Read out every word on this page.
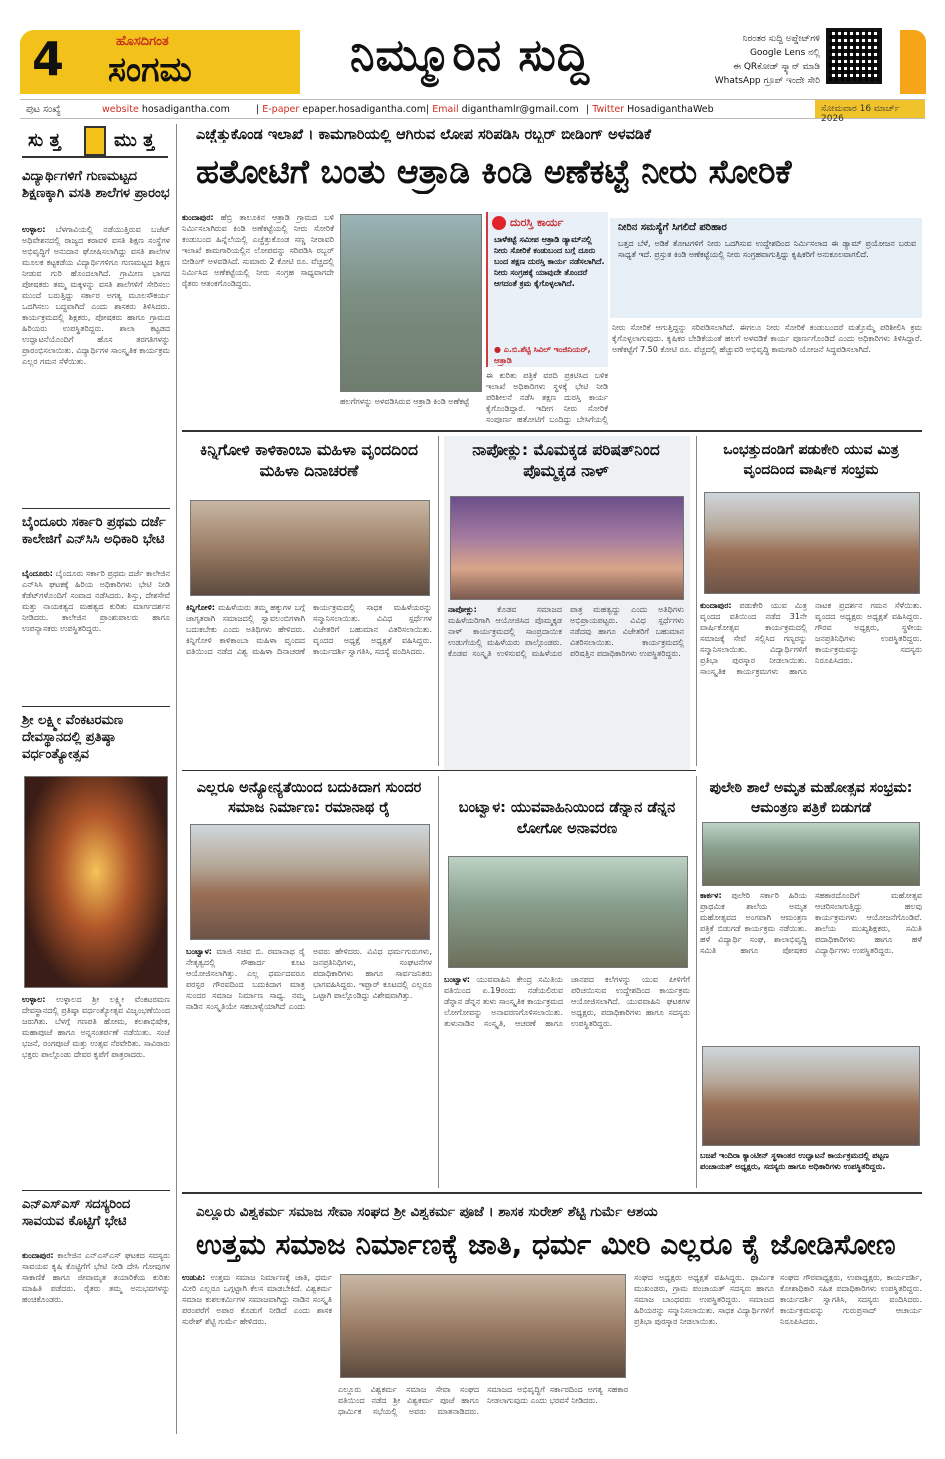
4	ಹೊಸದಿಗಂತ
ಸಂಗಮ	ನಿಮ್ಮೂರಿನ ಸುದ್ದಿ	ನಿರಂತರ ಸುದ್ದಿ ಅಪ್ಡೇಟ್‌ಗಳಿ
Google Lens ನಲ್ಲಿ
ಈ QRಕೋಡ್ ಸ್ಕ್ಯಾನ್ ಮಾಡಿ
WhatsApp ಗ್ರೂಪ್ ಇಂದೇ ಸೇರಿ
ಪುಟ ಸಂಖ್ಯೆ	website hosadigantha.com	| E-paper epaper.hosadigantha.com | Email diganthamlr@gmail.com | Twitter HosadiganthaWeb	ಸೋಮವಾರ 16 ಮಾರ್ಚ್ 2026
ಸು ತ್ತ	ಮು ತ್ತ
ವಿದ್ಯಾರ್ಥಿಗಳಿಗೆ ಗುಣಮಟ್ಟದ ಶಿಕ್ಷಣಕ್ಕಾಗಿ ವಸತಿ ಶಾಲೆಗಳ ಪ್ರಾರಂಭ
ಉಳ್ಳಾಲ: ಬೆಳಗಾವಿಯಲ್ಲಿ ನಡೆಯುತ್ತಿರುವ ಬಜೆಟ್ ಅಧಿವೇಶನದಲ್ಲಿ ರಾಜ್ಯದ ಕರಾವಳಿ ವಸತಿ ಶಿಕ್ಷಣ ಸಂಸ್ಥೆಗಳ ಅಭಿವೃದ್ಧಿಗೆ ಅನುದಾನ ಘೋಷಿಸಲಾಗಿದ್ದು ವಸತಿ ಶಾಲೆಗಳ ಮೂಲಕ ಕಟ್ಟಕಡೆಯ ವಿದ್ಯಾರ್ಥಿಗಳಿಗೂ ಗುಣಮಟ್ಟದ ಶಿಕ್ಷಣ ನೀಡುವ ಗುರಿ ಹೊಂದಲಾಗಿದೆ. ಗ್ರಾಮೀಣ ಭಾಗದ ಪೋಷಕರು ತಮ್ಮ ಮಕ್ಕಳನ್ನು ವಸತಿ ಶಾಲೆಗಳಿಗೆ ಸೇರಿಸಲು ಮುಂದೆ ಬರುತ್ತಿದ್ದು ಸರ್ಕಾರ ಅಗತ್ಯ ಮೂಲಸೌಕರ್ಯ ಒದಗಿಸಲು ಬದ್ಧವಾಗಿದೆ ಎಂದು ಶಾಸಕರು ತಿಳಿಸಿದರು. ಕಾರ್ಯಕ್ರಮದಲ್ಲಿ ಶಿಕ್ಷಕರು, ಪೋಷಕರು ಹಾಗೂ ಗ್ರಾಮದ ಹಿರಿಯರು ಉಪಸ್ಥಿತರಿದ್ದರು. ಶಾಲಾ ಕಟ್ಟಡದ ಉದ್ಘಾಟನೆಯೊಂದಿಗೆ ಹೊಸ ತರಗತಿಗಳನ್ನು ಪ್ರಾರಂಭಿಸಲಾಯಿತು. ವಿದ್ಯಾರ್ಥಿಗಳ ಸಾಂಸ್ಕೃತಿಕ ಕಾರ್ಯಕ್ರಮ ಎಲ್ಲರ ಗಮನ ಸೆಳೆಯಿತು.
ಬೈಂದೂರು ಸರ್ಕಾರಿ ಪ್ರಥಮ ದರ್ಜೆ ಕಾಲೇಜಿಗೆ ಎನ್‌ಸಿಸಿ ಅಧಿಕಾರಿ ಭೇಟಿ
ಬೈಂದೂರು: ಬೈಂದೂರು ಸರ್ಕಾರಿ ಪ್ರಥಮ ದರ್ಜೆ ಕಾಲೇಜಿನ ಎನ್‌ಸಿಸಿ ಘಟಕಕ್ಕೆ ಹಿರಿಯ ಅಧಿಕಾರಿಗಳು ಭೇಟಿ ನೀಡಿ ಕೆಡೆಟ್‌ಗಳೊಂದಿಗೆ ಸಂವಾದ ನಡೆಸಿದರು. ಶಿಸ್ತು, ದೇಶಸೇವೆ ಮತ್ತು ನಾಯಕತ್ವದ ಮಹತ್ವದ ಕುರಿತು ಮಾರ್ಗದರ್ಶನ ನೀಡಿದರು. ಕಾಲೇಜಿನ ಪ್ರಾಂಶುಪಾಲರು ಹಾಗೂ ಉಪನ್ಯಾಸಕರು ಉಪಸ್ಥಿತರಿದ್ದರು.
ಶ್ರೀ ಲಕ್ಷ್ಮೀ ವೆಂಕಟರಮಣ ದೇವಸ್ಥಾನದಲ್ಲಿ ಪ್ರತಿಷ್ಠಾ ವರ್ಧಂತ್ಯೋತ್ಸವ
ಉಳ್ಳಾಲ: ಉಳ್ಳಾಲದ ಶ್ರೀ ಲಕ್ಷ್ಮೀ ವೆಂಕಟರಮಣ ದೇವಸ್ಥಾನದಲ್ಲಿ ಪ್ರತಿಷ್ಠಾ ವರ್ಧಂತ್ಯೋತ್ಸವ ವಿಜೃಂಭಣೆಯಿಂದ ಜರುಗಿತು. ಬೆಳಗ್ಗೆ ಗಣಪತಿ ಹೋಮ, ಕಲಶಾಭಿಷೇಕ, ಮಹಾಪೂಜೆ ಹಾಗೂ ಅನ್ನಸಂತರ್ಪಣೆ ನಡೆಯಿತು. ಸಂಜೆ ಭಜನೆ, ರಂಗಪೂಜೆ ಮತ್ತು ಉತ್ಸವ ನೆರವೇರಿತು. ಸಾವಿರಾರು ಭಕ್ತರು ಪಾಲ್ಗೊಂಡು ದೇವರ ಕೃಪೆಗೆ ಪಾತ್ರರಾದರು.
ಎನ್ಎಸ್ಎಸ್ ಸದಸ್ಯರಿಂದ ಸಾವಯವ ಕೊಟ್ಟಿಗೆ ಭೇಟಿ
ಕುಂದಾಪುರ: ಕಾಲೇಜಿನ ಎನ್ಎಸ್ಎಸ್ ಘಟಕದ ಸದಸ್ಯರು ಸಾವಯವ ಕೃಷಿ ಕೊಟ್ಟಿಗೆಗೆ ಭೇಟಿ ನೀಡಿ ದೇಸಿ ಗೋವುಗಳ ಸಾಕಾಣಿಕೆ ಹಾಗೂ ಜೀವಾಮೃತ ತಯಾರಿಕೆಯ ಕುರಿತು ಮಾಹಿತಿ ಪಡೆದರು. ರೈತರು ತಮ್ಮ ಅನುಭವಗಳನ್ನು ಹಂಚಿಕೊಂಡರು.
ಎಚ್ಚೆತ್ತುಕೊಂಡ ಇಲಾಖೆ । ಕಾಮಗಾರಿಯಲ್ಲಿ ಆಗಿರುವ ಲೋಪ ಸರಿಪಡಿಸಿ ರಬ್ಬರ್ ಬೀಡಿಂಗ್ ಅಳವಡಿಕೆ
ಹತೋಟಿಗೆ ಬಂತು ಆತ್ರಾಡಿ ಕಿಂಡಿ ಅಣೆಕಟ್ಟೆ ನೀರು ಸೋರಿಕೆ
ಕುಂದಾಪುರ: ಹೆಬ್ರಿ ತಾಲೂಕಿನ ಆತ್ರಾಡಿ ಗ್ರಾಮದ ಬಳಿ ನಿರ್ಮಿಸಲಾಗಿರುವ ಕಿಂಡಿ ಅಣೆಕಟ್ಟೆಯಲ್ಲಿ ನೀರು ಸೋರಿಕೆ ಕಂಡುಬಂದ ಹಿನ್ನೆಲೆಯಲ್ಲಿ ಎಚ್ಚೆತ್ತುಕೊಂಡ ಸಣ್ಣ ನೀರಾವರಿ ಇಲಾಖೆ ಕಾಮಗಾರಿಯಲ್ಲಿನ ಲೋಪವನ್ನು ಸರಿಪಡಿಸಿ ರಬ್ಬರ್ ಬೀಡಿಂಗ್ ಅಳವಡಿಸಿದೆ. ಸುಮಾರು 2 ಕೋಟಿ ರೂ. ವೆಚ್ಚದಲ್ಲಿ ನಿರ್ಮಿಸಿದ ಅಣೆಕಟ್ಟೆಯಲ್ಲಿ ನೀರು ಸಂಗ್ರಹ ಸಾಧ್ಯವಾಗದೇ ರೈತರು ಆತಂಕಗೊಂಡಿದ್ದರು.
ಹಲಗೆಗಳನ್ನು ಅಳವಡಿಸಿರುವ ಆತ್ರಾಡಿ ಕಿಂಡಿ ಅಣೆಕಟ್ಟೆ
ದುರಸ್ತಿ ಕಾರ್ಯ
ಬಾಳೆಕಟ್ಟೆ ಸಮೀಪ ಆತ್ರಾಡಿ ಡ್ಯಾಮ್‌ನಲ್ಲಿ ನೀರು ಸೋರಿಕೆ ಕಂಡುಬಂದ ಬಗ್ಗೆ ದೂರು ಬಂದ ತಕ್ಷಣ ದುರಸ್ತಿ ಕಾರ್ಯ ನಡೆಸಲಾಗಿದೆ. ನೀರು ಸಂಗ್ರಹಕ್ಕೆ ಯಾವುದೇ ತೊಂದರೆ ಆಗದಂತೆ ಕ್ರಮ ಕೈಗೊಳ್ಳಲಾಗಿದೆ.
● ಎ.ಬಿ.ಶೆಟ್ಟಿ ಸಿವಿಲ್ ಇಂಜಿನಿಯರ್, ಆತ್ರಾಡಿ
ಈ ಕುರಿತು ಪತ್ರಿಕೆ ವರದಿ ಪ್ರಕಟಿಸಿದ ಬಳಿಕ ಇಲಾಖೆ ಅಧಿಕಾರಿಗಳು ಸ್ಥಳಕ್ಕೆ ಭೇಟಿ ನೀಡಿ ಪರಿಶೀಲನೆ ನಡೆಸಿ ತಕ್ಷಣ ದುರಸ್ತಿ ಕಾರ್ಯ ಕೈಗೊಂಡಿದ್ದಾರೆ. ಇದೀಗ ನೀರು ಸೋರಿಕೆ ಸಂಪೂರ್ಣ ಹತೋಟಿಗೆ ಬಂದಿದ್ದು ಬೇಸಿಗೆಯಲ್ಲಿ
ನೀರಿನ ಸಮಸ್ಯೆಗೆ ಸಿಗಲಿದೆ ಪರಿಹಾರ
ಬತ್ತದ ಬೆಳೆ, ಅಡಿಕೆ ತೋಟಗಳಿಗೆ ನೀರು ಒದಗಿಸುವ ಉದ್ದೇಶದಿಂದ ನಿರ್ಮಿಸಲಾದ ಈ ಡ್ಯಾಮ್ ಪ್ರಯೋಜನ ಬರುವ ಸಾಧ್ಯತೆ ಇದೆ. ಪ್ರಸ್ತುತ ಕಿಂಡಿ ಅಣೆಕಟ್ಟೆಯಲ್ಲಿ ನೀರು ಸಂಗ್ರಹವಾಗುತ್ತಿದ್ದು ಕೃಷಿಕರಿಗೆ ಅನುಕೂಲವಾಗಲಿದೆ.
ನೀರು ಸೋರಿಕೆ ಆಗುತ್ತಿದ್ದನ್ನು ಸರಿಪಡಿಸಲಾಗಿದೆ. ಈಗಲೂ ನೀರು ಸೋರಿಕೆ ಕಂಡುಬಂದರೆ ಮತ್ತೊಮ್ಮೆ ಪರಿಶೀಲಿಸಿ ಕ್ರಮ ಕೈಗೊಳ್ಳಲಾಗುವುದು. ಕೃಷಿಕರ ಬೇಡಿಕೆಯಂತೆ ಹಲಗೆ ಅಳವಡಿಕೆ ಕಾರ್ಯ ಪೂರ್ಣಗೊಂಡಿದೆ ಎಂದು ಅಧಿಕಾರಿಗಳು ತಿಳಿಸಿದ್ದಾರೆ. ಅಣೆಕಟ್ಟೆಗೆ 7.50 ಕೋಟಿ ರೂ. ವೆಚ್ಚದಲ್ಲಿ ಹೆಚ್ಚುವರಿ ಅಭಿವೃದ್ಧಿ ಕಾಮಗಾರಿ ಯೋಜನೆ ಸಿದ್ಧಪಡಿಸಲಾಗಿದೆ.
ಕಿನ್ನಿಗೋಳಿ ಕಾಳಿಕಾಂಬಾ ಮಹಿಳಾ ವೃಂದದಿಂದ ಮಹಿಳಾ ದಿನಾಚರಣೆ
ಕಿನ್ನಿಗೋಳಿ: ಮಹಿಳೆಯರು ತಮ್ಮ ಹಕ್ಕುಗಳ ಬಗ್ಗೆ ಜಾಗೃತರಾಗಿ ಸಮಾಜದಲ್ಲಿ ಸ್ವಾವಲಂಬಿಗಳಾಗಿ ಬದುಕಬೇಕು ಎಂದು ಅತಿಥಿಗಳು ಹೇಳಿದರು. ಕಿನ್ನಿಗೋಳಿ ಕಾಳಿಕಾಂಬಾ ಮಹಿಳಾ ವೃಂದದ ವತಿಯಿಂದ ನಡೆದ ವಿಶ್ವ ಮಹಿಳಾ ದಿನಾಚರಣೆ ಕಾರ್ಯಕ್ರಮದಲ್ಲಿ ಸಾಧಕ ಮಹಿಳೆಯರನ್ನು ಸನ್ಮಾನಿಸಲಾಯಿತು. ವಿವಿಧ ಸ್ಪರ್ಧೆಗಳ ವಿಜೇತರಿಗೆ ಬಹುಮಾನ ವಿತರಿಸಲಾಯಿತು. ವೃಂದದ ಅಧ್ಯಕ್ಷೆ ಅಧ್ಯಕ್ಷತೆ ವಹಿಸಿದ್ದರು. ಕಾರ್ಯದರ್ಶಿ ಸ್ವಾಗತಿಸಿ, ಸದಸ್ಯೆ ವಂದಿಸಿದರು.
ನಾಪೋಕ್ಲು: ಮೊಮಕ್ಕಡ ಪರಿಷತ್‌ನಿಂದ ಪೊಮ್ಮಕ್ಕಡ ನಾಳ್
ನಾಪೋಕ್ಲು:	ಕೊಡವ ಸಮಾಜದ ಮಹಿಳೆಯರಿಗಾಗಿ ಆಯೋಜಿಸಿದ ಪೊಮ್ಮಕ್ಕಡ ನಾಳ್ ಕಾರ್ಯಕ್ರಮದಲ್ಲಿ ಸಾಂಪ್ರದಾಯಿಕ ಉಡುಗೆಯಲ್ಲಿ ಮಹಿಳೆಯರು ಪಾಲ್ಗೊಂಡರು. ಕೊಡವ ಸಂಸ್ಕೃತಿ ಉಳಿಸುವಲ್ಲಿ ಮಹಿಳೆಯರ ಪಾತ್ರ ಮಹತ್ವದ್ದು ಎಂದು ಅತಿಥಿಗಳು ಅಭಿಪ್ರಾಯಪಟ್ಟರು. ವಿವಿಧ ಸ್ಪರ್ಧೆಗಳು ನಡೆದವು ಹಾಗೂ ವಿಜೇತರಿಗೆ ಬಹುಮಾನ ವಿತರಿಸಲಾಯಿತು. ಕಾರ್ಯಕ್ರಮದಲ್ಲಿ ಪರಿಷತ್ತಿನ ಪದಾಧಿಕಾರಿಗಳು ಉಪಸ್ಥಿತರಿದ್ದರು.
ಒಂಭತ್ತುದಂಡಿಗೆ ಪಡುಕೇರಿ ಯುವ ಮಿತ್ರ ವೃಂದದಿಂದ ವಾರ್ಷಿಕ ಸಂಭ್ರಮ
ಕುಂದಾಪುರ: ಪಡುಕೇರಿ ಯುವ ಮಿತ್ರ ವೃಂದದ ವತಿಯಿಂದ ನಡೆದ 31ನೇ ವಾರ್ಷಿಕೋತ್ಸವ ಕಾರ್ಯಕ್ರಮದಲ್ಲಿ ಸಮಾಜಕ್ಕೆ ಸೇವೆ ಸಲ್ಲಿಸಿದ ಗಣ್ಯರನ್ನು ಸನ್ಮಾನಿಸಲಾಯಿತು. ವಿದ್ಯಾರ್ಥಿಗಳಿಗೆ ಪ್ರತಿಭಾ ಪುರಸ್ಕಾರ ನೀಡಲಾಯಿತು. ಸಾಂಸ್ಕೃತಿಕ ಕಾರ್ಯಕ್ರಮಗಳು ಹಾಗೂ ನಾಟಕ ಪ್ರದರ್ಶನ ಗಮನ ಸೆಳೆಯಿತು. ವೃಂದದ ಅಧ್ಯಕ್ಷರು ಅಧ್ಯಕ್ಷತೆ ವಹಿಸಿದ್ದರು. ಗೌರವ ಅಧ್ಯಕ್ಷರು, ಸ್ಥಳೀಯ ಜನಪ್ರತಿನಿಧಿಗಳು ಉಪಸ್ಥಿತರಿದ್ದರು. ಕಾರ್ಯಕ್ರಮವನ್ನು ಸದಸ್ಯರು ನಿರೂಪಿಸಿದರು.
ಎಲ್ಲರೂ ಅನ್ಯೋನ್ಯತೆಯಿಂದ ಬದುಕಿದಾಗ ಸುಂದರ ಸಮಾಜ ನಿರ್ಮಾಣ: ರಮಾನಾಥ ರೈ
ಬಂಟ್ವಾಳ: ಮಾಜಿ ಸಚಿವ ಬಿ. ರಮಾನಾಥ ರೈ ನೇತೃತ್ವದಲ್ಲಿ ಸೌಹಾರ್ದ ಕೂಟ ಆಯೋಜಿಸಲಾಗಿತ್ತು. ಎಲ್ಲ ಧರ್ಮದವರೂ ಪರಸ್ಪರ ಗೌರವದಿಂದ ಬದುಕಿದಾಗ ಮಾತ್ರ ಸುಂದರ ಸಮಾಜ ನಿರ್ಮಾಣ ಸಾಧ್ಯ. ನಮ್ಮ ನಾಡಿನ ಸಂಸ್ಕೃತಿಯೇ ಸಹಬಾಳ್ವೆಯಾಗಿದೆ ಎಂದು ಅವರು ಹೇಳಿದರು. ವಿವಿಧ ಧರ್ಮಗುರುಗಳು, ಜನಪ್ರತಿನಿಧಿಗಳು, ಸಂಘಟನೆಗಳ ಪದಾಧಿಕಾರಿಗಳು ಹಾಗೂ ಸಾರ್ವಜನಿಕರು ಭಾಗವಹಿಸಿದ್ದರು. ಇಫ್ತಾರ್ ಕೂಟದಲ್ಲಿ ಎಲ್ಲರೂ ಒಟ್ಟಾಗಿ ಪಾಲ್ಗೊಂಡಿದ್ದು ವಿಶೇಷವಾಗಿತ್ತು.
ಬಂಟ್ವಾಳ: ಯುವವಾಹಿನಿಯಿಂದ ಡೆನ್ನಾನ ಡೆನ್ನನ ಲೋಗೋ ಅನಾವರಣ
ಬಂಟ್ವಾಳ: ಯುವವಾಹಿನಿ ಕೇಂದ್ರ ಸಮಿತಿಯ ವತಿಯಿಂದ ಏ.19ರಂದು ನಡೆಯಲಿರುವ ಡೆನ್ನಾನ ಡೆನ್ನನ ತುಳು ಸಾಂಸ್ಕೃತಿಕ ಕಾರ್ಯಕ್ರಮದ ಲೋಗೋವನ್ನು ಅನಾವರಣಗೊಳಿಸಲಾಯಿತು. ತುಳುನಾಡಿನ ಸಂಸ್ಕೃತಿ, ಆಚರಣೆ ಹಾಗೂ ಜಾನಪದ ಕಲೆಗಳನ್ನು ಯುವ ಪೀಳಿಗೆಗೆ ಪರಿಚಯಿಸುವ ಉದ್ದೇಶದಿಂದ ಕಾರ್ಯಕ್ರಮ ಆಯೋಜಿಸಲಾಗಿದೆ. ಯುವವಾಹಿನಿ ಘಟಕಗಳ ಅಧ್ಯಕ್ಷರು, ಪದಾಧಿಕಾರಿಗಳು ಹಾಗೂ ಸದಸ್ಯರು ಉಪಸ್ಥಿತರಿದ್ದರು.
ಪುಲೇಠಿ ಶಾಲೆ ಅಮೃತ ಮಹೋತ್ಸವ ಸಂಭ್ರಮ: ಆಮಂತ್ರಣ ಪತ್ರಿಕೆ ಬಿಡುಗಡೆ
ಕಾರ್ಕಳ: ಪುಲೇಠಿ ಸರ್ಕಾರಿ ಹಿರಿಯ ಪ್ರಾಥಮಿಕ ಶಾಲೆಯ ಅಮೃತ ಮಹೋತ್ಸವದ ಅಂಗವಾಗಿ ಆಮಂತ್ರಣ ಪತ್ರಿಕೆ ಬಿಡುಗಡೆ ಕಾರ್ಯಕ್ರಮ ನಡೆಯಿತು. ಹಳೆ ವಿದ್ಯಾರ್ಥಿ ಸಂಘ, ಶಾಲಾಭಿವೃದ್ಧಿ ಸಮಿತಿ ಹಾಗೂ ಪೋಷಕರ ಸಹಕಾರದೊಂದಿಗೆ ಮಹೋತ್ಸವ ಆಚರಿಸಲಾಗುತ್ತಿದ್ದು ಹಲವು ಕಾರ್ಯಕ್ರಮಗಳು ಆಯೋಜನೆಗೊಂಡಿವೆ. ಶಾಲೆಯ ಮುಖ್ಯಶಿಕ್ಷಕರು, ಸಮಿತಿ ಪದಾಧಿಕಾರಿಗಳು ಹಾಗೂ ಹಳೆ ವಿದ್ಯಾರ್ಥಿಗಳು ಉಪಸ್ಥಿತರಿದ್ದರು.
ಬಜಪೆ ಇಂದಿರಾ ಕ್ಯಾಂಟೀನ್ ಸ್ಥಳಾಂತರ ಉದ್ಘಾಟನೆ ಕಾರ್ಯಕ್ರಮದಲ್ಲಿ ಪಟ್ಟಣ ಪಂಚಾಯತ್ ಅಧ್ಯಕ್ಷರು, ಸದಸ್ಯರು ಹಾಗೂ ಅಧಿಕಾರಿಗಳು ಉಪಸ್ಥಿತರಿದ್ದರು.
ಎಲ್ಲೂರು ವಿಶ್ವಕರ್ಮ ಸಮಾಜ ಸೇವಾ ಸಂಘದ ಶ್ರೀ ವಿಶ್ವಕರ್ಮ ಪೂಜೆ । ಶಾಸಕ ಸುರೇಶ್ ಶೆಟ್ಟಿ ಗುರ್ಮೆ ಆಶಯ
ಉತ್ತಮ ಸಮಾಜ ನಿರ್ಮಾಣಕ್ಕೆ ಜಾತಿ, ಧರ್ಮ ಮೀರಿ ಎಲ್ಲರೂ ಕೈ ಜೋಡಿಸೋಣ
ಉಡುಪಿ: ಉತ್ತಮ ಸಮಾಜ ನಿರ್ಮಾಣಕ್ಕೆ ಜಾತಿ, ಧರ್ಮ ಮೀರಿ ಎಲ್ಲರೂ ಒಗ್ಗಟ್ಟಾಗಿ ಕೆಲಸ ಮಾಡಬೇಕಿದೆ. ವಿಶ್ವಕರ್ಮ ಸಮಾಜ ಕುಶಲಕರ್ಮಿಗಳ ಸಮಾಜವಾಗಿದ್ದು ನಾಡಿನ ಸಂಸ್ಕೃತಿ ಪರಂಪರೆಗೆ ಅಪಾರ ಕೊಡುಗೆ ನೀಡಿದೆ ಎಂದು ಶಾಸಕ ಸುರೇಶ್ ಶೆಟ್ಟಿ ಗುರ್ಮೆ ಹೇಳಿದರು.
ಎಲ್ಲೂರು ವಿಶ್ವಕರ್ಮ ಸಮಾಜ ಸೇವಾ ಸಂಘದ ವತಿಯಿಂದ ನಡೆದ ಶ್ರೀ ವಿಶ್ವಕರ್ಮ ಪೂಜೆ ಹಾಗೂ ಧಾರ್ಮಿಕ ಸಭೆಯಲ್ಲಿ ಅವರು ಮಾತನಾಡಿದರು. ಸಮಾಜದ ಅಭಿವೃದ್ಧಿಗೆ ಸರ್ಕಾರದಿಂದ ಅಗತ್ಯ ಸಹಕಾರ ನೀಡಲಾಗುವುದು ಎಂದು ಭರವಸೆ ನೀಡಿದರು.
ಸಂಘದ ಅಧ್ಯಕ್ಷರು ಅಧ್ಯಕ್ಷತೆ ವಹಿಸಿದ್ದರು. ಧಾರ್ಮಿಕ ಮುಖಂಡರು, ಗ್ರಾಮ ಪಂಚಾಯತ್ ಸದಸ್ಯರು ಹಾಗೂ ಸಮಾಜ ಬಾಂಧವರು ಉಪಸ್ಥಿತರಿದ್ದರು. ಸಮಾಜದ ಹಿರಿಯರನ್ನು ಸನ್ಮಾನಿಸಲಾಯಿತು. ಸಾಧಕ ವಿದ್ಯಾರ್ಥಿಗಳಿಗೆ ಪ್ರತಿಭಾ ಪುರಸ್ಕಾರ ನೀಡಲಾಯಿತು.
ಸಂಘದ ಗೌರವಾಧ್ಯಕ್ಷರು, ಉಪಾಧ್ಯಕ್ಷರು, ಕಾರ್ಯದರ್ಶಿ, ಕೋಶಾಧಿಕಾರಿ ಸಹಿತ ಪದಾಧಿಕಾರಿಗಳು ಉಪಸ್ಥಿತರಿದ್ದರು. ಕಾರ್ಯದರ್ಶಿ ಸ್ವಾಗತಿಸಿ, ಸದಸ್ಯರು ವಂದಿಸಿದರು. ಕಾರ್ಯಕ್ರಮವನ್ನು ಗುರುಪ್ರಸಾದ್ ಆಚಾರ್ಯ ನಿರೂಪಿಸಿದರು.
